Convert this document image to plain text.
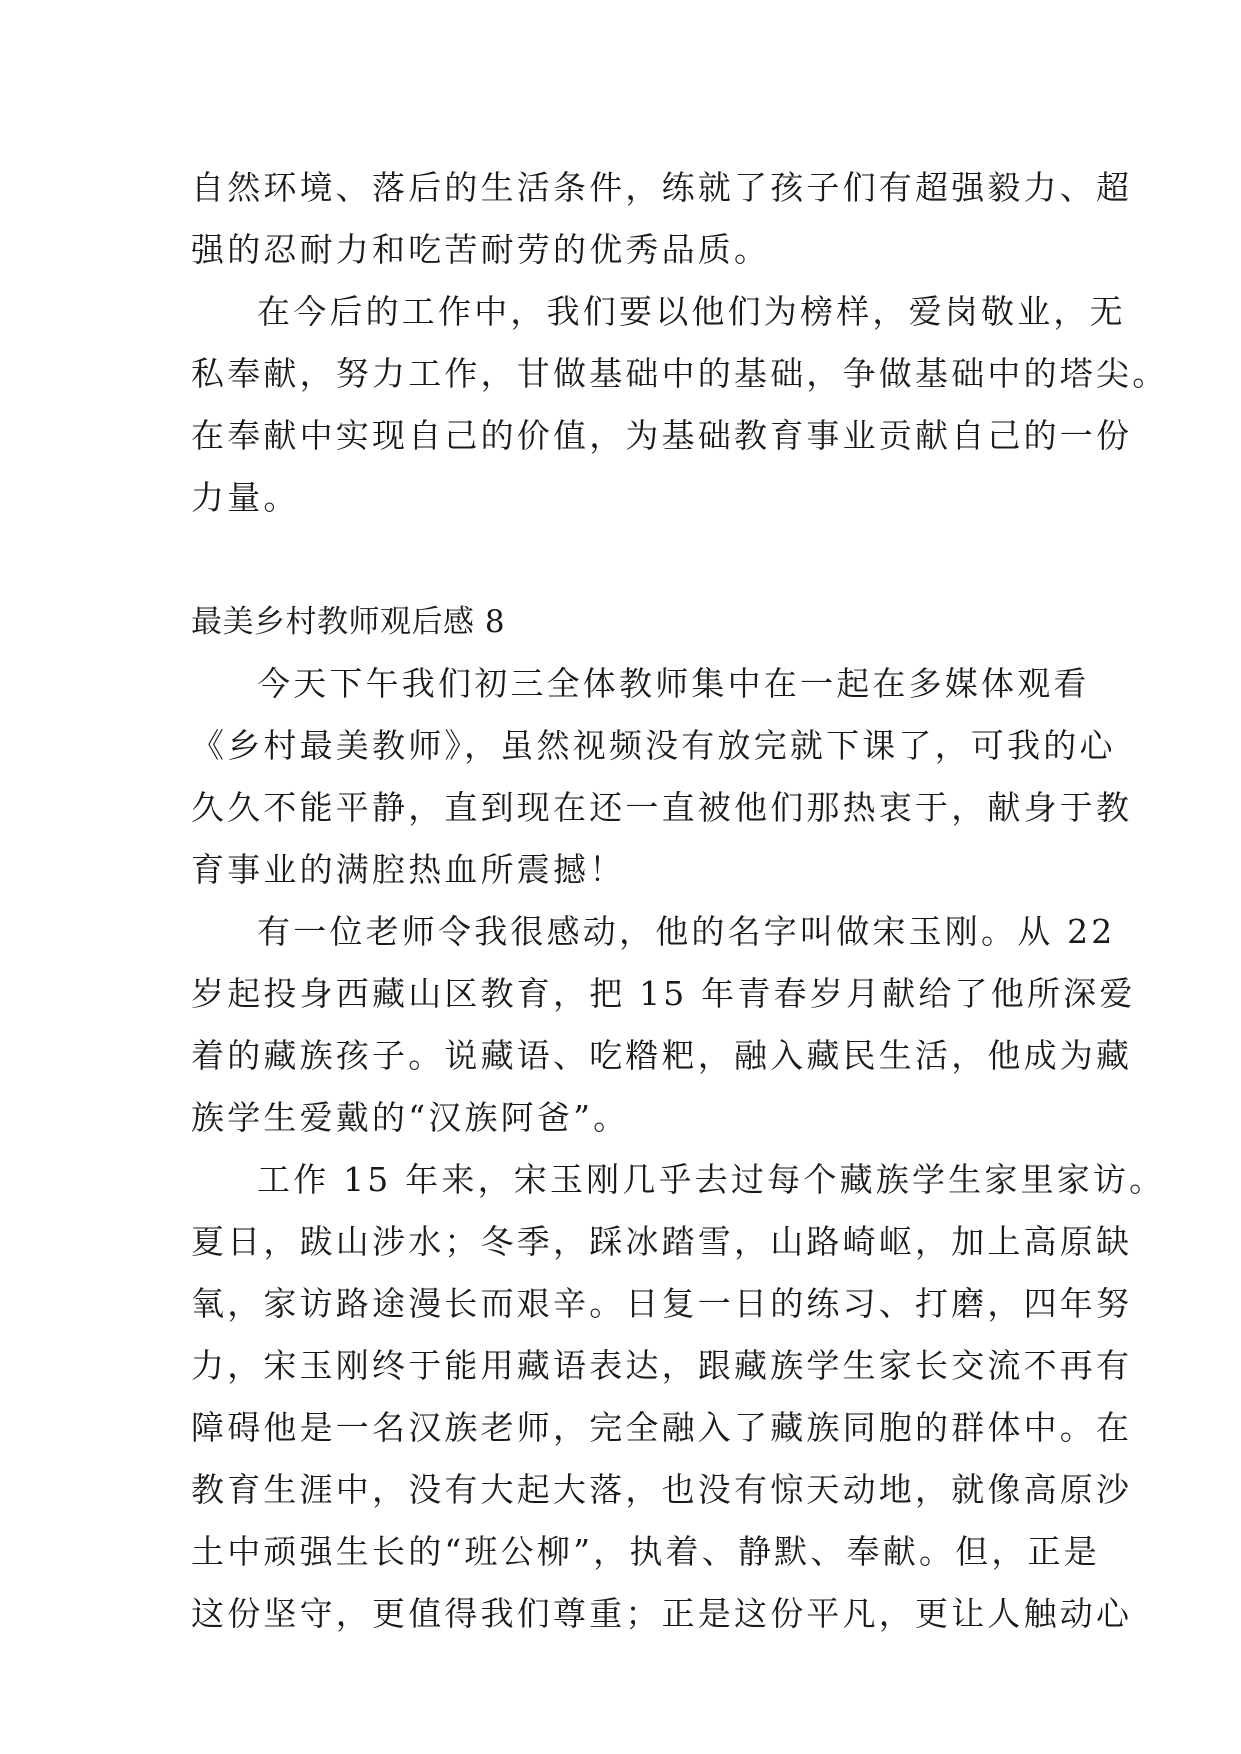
自然环境、落后的生活条件，练就了孩子们有超强毅力、超
强的忍耐力和吃苦耐劳的优秀品质。
在今后的工作中，我们要以他们为榜样，爱岗敬业，无
私奉献，努力工作，甘做基础中的基础，争做基础中的塔尖。
在奉献中实现自己的价值，为基础教育事业贡献自己的一份
力量。
最美乡村教师观后感 8
今天下午我们初三全体教师集中在一起在多媒体观看
《乡村最美教师》，虽然视频没有放完就下课了，可我的心
久久不能平静，直到现在还一直被他们那热衷于，献身于教
育事业的满腔热血所震撼！
有一位老师令我很感动，他的名字叫做宋玉刚。从 22
岁起投身西藏山区教育，把 15 年青春岁月献给了他所深爱
着的藏族孩子。说藏语、吃糌粑，融入藏民生活，他成为藏
族学生爱戴的“汉族阿爸”。
工作 15 年来，宋玉刚几乎去过每个藏族学生家里家访。
夏日，跋山涉水；冬季，踩冰踏雪，山路崎岖，加上高原缺
氧，家访路途漫长而艰辛。日复一日的练习、打磨，四年努
力，宋玉刚终于能用藏语表达，跟藏族学生家长交流不再有
障碍他是一名汉族老师，完全融入了藏族同胞的群体中。在
教育生涯中，没有大起大落，也没有惊天动地，就像高原沙
土中顽强生长的“班公柳”，执着、静默、奉献。但，正是
这份坚守，更值得我们尊重；正是这份平凡，更让人触动心
